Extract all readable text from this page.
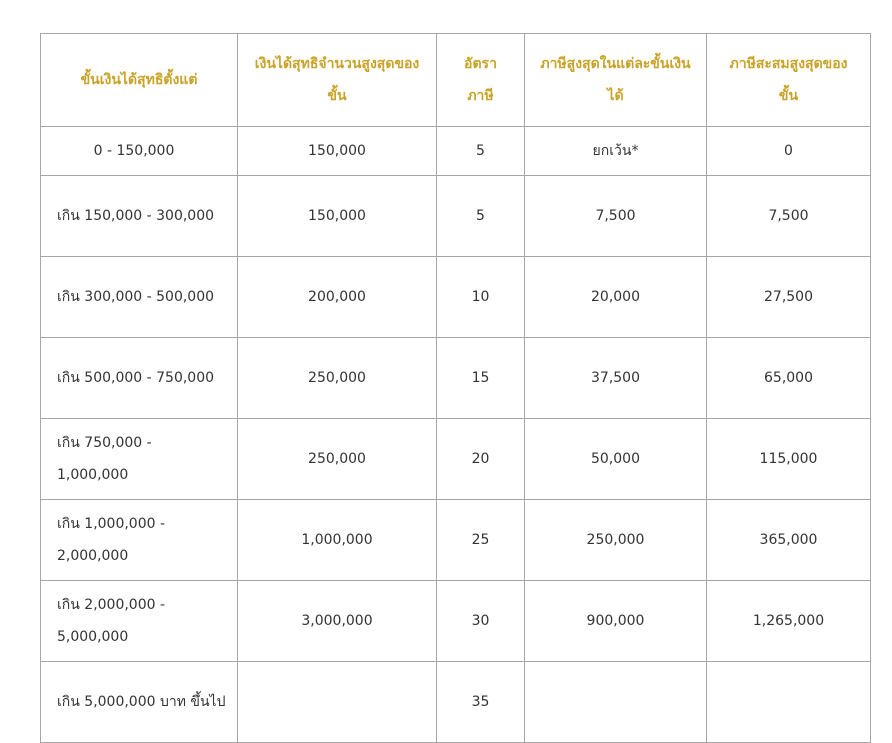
ขั้นเงินได้สุทธิตั้งแต่	เงินได้สุทธิจำนวนสูงสุดของขั้น	อัตราภาษี	ภาษีสูงสุดในแต่ละขั้นเงินได้	ภาษีสะสมสูงสุดของขั้น
0 - 150,000	150,000	5	ยกเว้น*	0
เกิน 150,000 - 300,000	150,000	5	7,500	7,500
เกิน 300,000 - 500,000	200,000	10	20,000	27,500
เกิน 500,000 - 750,000	250,000	15	37,500	65,000
เกิน 750,000 - 1,000,000	250,000	20	50,000	115,000
เกิน 1,000,000 - 2,000,000	1,000,000	25	250,000	365,000
เกิน 2,000,000 - 5,000,000	3,000,000	30	900,000	1,265,000
เกิน 5,000,000 บาท ขึ้นไป		35		
